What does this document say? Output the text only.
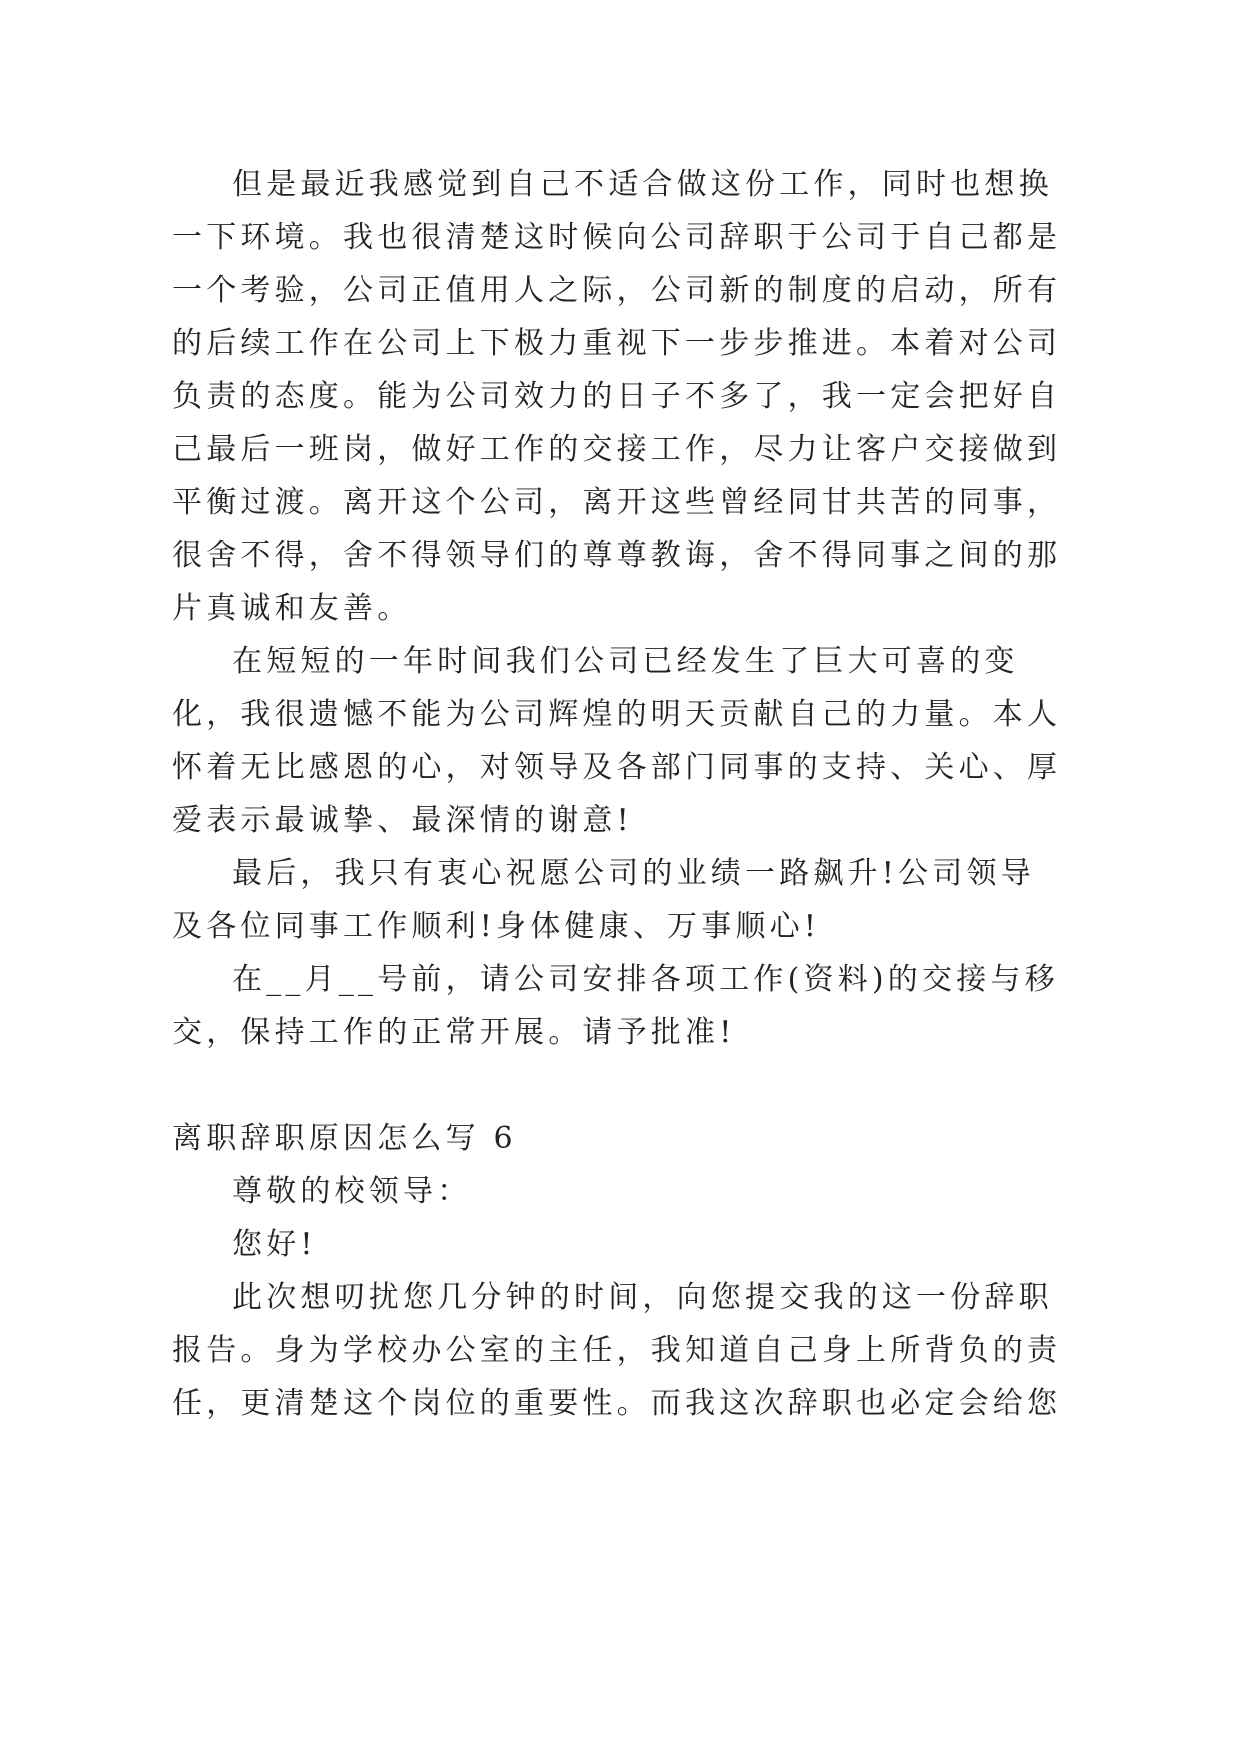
但是最近我感觉到自己不适合做这份工作，同时也想换
一下环境。我也很清楚这时候向公司辞职于公司于自己都是
一个考验，公司正值用人之际，公司新的制度的启动，所有
的后续工作在公司上下极力重视下一步步推进。本着对公司
负责的态度。能为公司效力的日子不多了，我一定会把好自
己最后一班岗，做好工作的交接工作，尽力让客户交接做到
平衡过渡。离开这个公司，离开这些曾经同甘共苦的同事，
很舍不得，舍不得领导们的尊尊教诲，舍不得同事之间的那
片真诚和友善。
在短短的一年时间我们公司已经发生了巨大可喜的变
化，我很遗憾不能为公司辉煌的明天贡献自己的力量。本人
怀着无比感恩的心，对领导及各部门同事的支持、关心、厚
爱表示最诚挚、最深情的谢意!
最后，我只有衷心祝愿公司的业绩一路飙升!公司领导
及各位同事工作顺利!身体健康、万事顺心!
在__月__号前，请公司安排各项工作(资料)的交接与移
交，保持工作的正常开展。请予批准!
离职辞职原因怎么写 6
尊敬的校领导：
您好!
此次想叨扰您几分钟的时间，向您提交我的这一份辞职
报告。身为学校办公室的主任，我知道自己身上所背负的责
任，更清楚这个岗位的重要性。而我这次辞职也必定会给您
